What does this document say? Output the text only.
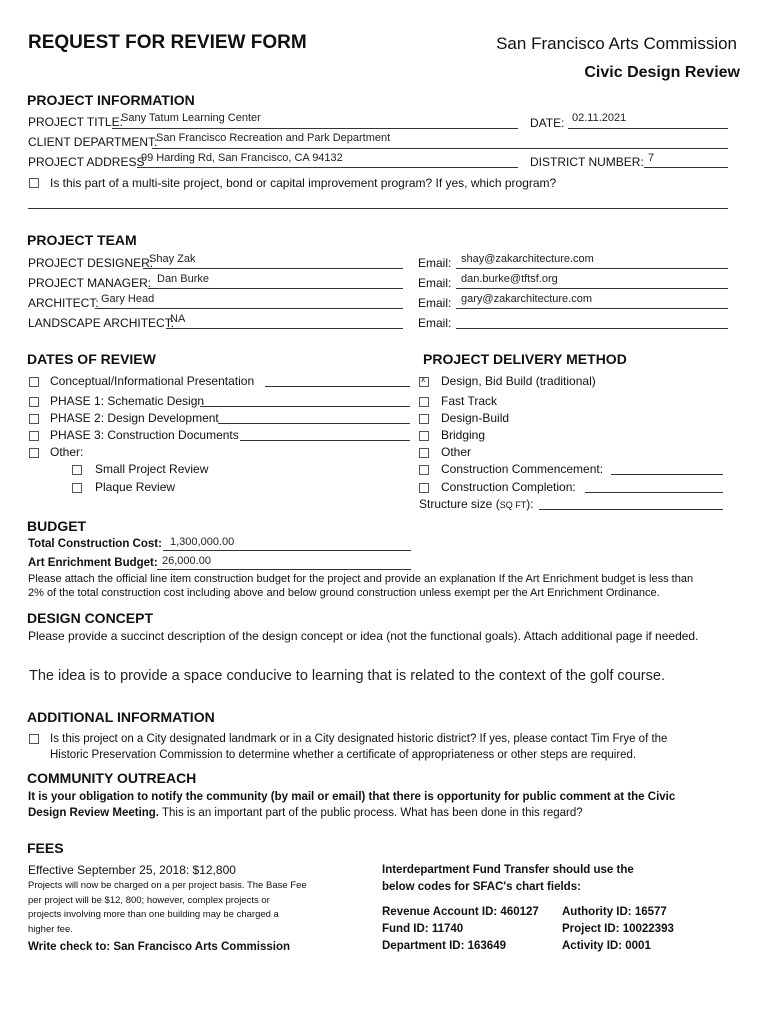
REQUEST FOR REVIEW FORM	San Francisco Arts Commission
Civic Design Review
PROJECT INFORMATION
PROJECT TITLE:
Sany Tatum Learning Center	DATE: 02.11.2021
CLIENT DEPARTMENT:
San Francisco Recreation and Park Department
PROJECT ADDRESS
99 Harding Rd, San Francisco, CA 94132	DISTRICT NUMBER: 7
Is this part of a multi-site project, bond or capital improvement program? If yes, which program?
PROJECT TEAM
PROJECT DESIGNER:
Shay Zak	Email: shay@zakarchitecture.com
PROJECT MANAGER: Dan Burke	Email: dan.burke@tftsf.org
ARCHITECT: Gary Head	Email: gary@zakarchitecture.com
LANDSCAPE ARCHITECT:
NA	Email:
DATES OF REVIEW
Conceptual/Informational Presentation
PHASE 1: Schematic Design
PHASE 2: Design Development
PHASE 3: Construction Documents
Other:
Small Project Review
Plaque Review
PROJECT DELIVERY METHOD
x
Design, Bid Build (traditional)
Fast Track
Design-Build
Bridging
Other
Construction Commencement:
Construction Completion:
Structure size (SQ FT):
BUDGET
Total Construction Cost: 1,300,000.00
Art Enrichment Budget: 26,000.00
Please attach the official line item construction budget for the project and provide an explanation If the Art Enrichment budget is less than
2% of the total construction cost including above and below ground construction unless exempt per the Art Enrichment Ordinance.
DESIGN CONCEPT
Please provide a succinct description of the design concept or idea (not the functional goals). Attach additional page if needed.
The idea is to provide a space conducive to learning that is related to the context of the golf course.
ADDITIONAL INFORMATION
Is this project on a City designated landmark or in a City designated historic district? If yes, please contact Tim Frye of the
Historic Preservation Commission to determine whether a certificate of appropriateness or other steps are required.
COMMUNITY OUTREACH
It is your obligation to notify the community (by mail or email) that there is opportunity for public comment at the Civic
Design Review Meeting. This is an important part of the public process. What has been done in this regard?
FEES
Effective September 25, 2018: $12,800
Projects will now be charged on a per project basis. The Base Fee
per project will be $12, 800; however, complex projects or
projects involving more than one building may be charged a
higher fee.
Write check to: San Francisco Arts Commission
Interdepartment Fund Transfer should use the
below codes for SFAC's chart fields:
Revenue Account ID: 460127
Fund ID: 11740
Department ID: 163649
Authority ID: 16577
Project ID: 10022393
Activity ID: 0001
